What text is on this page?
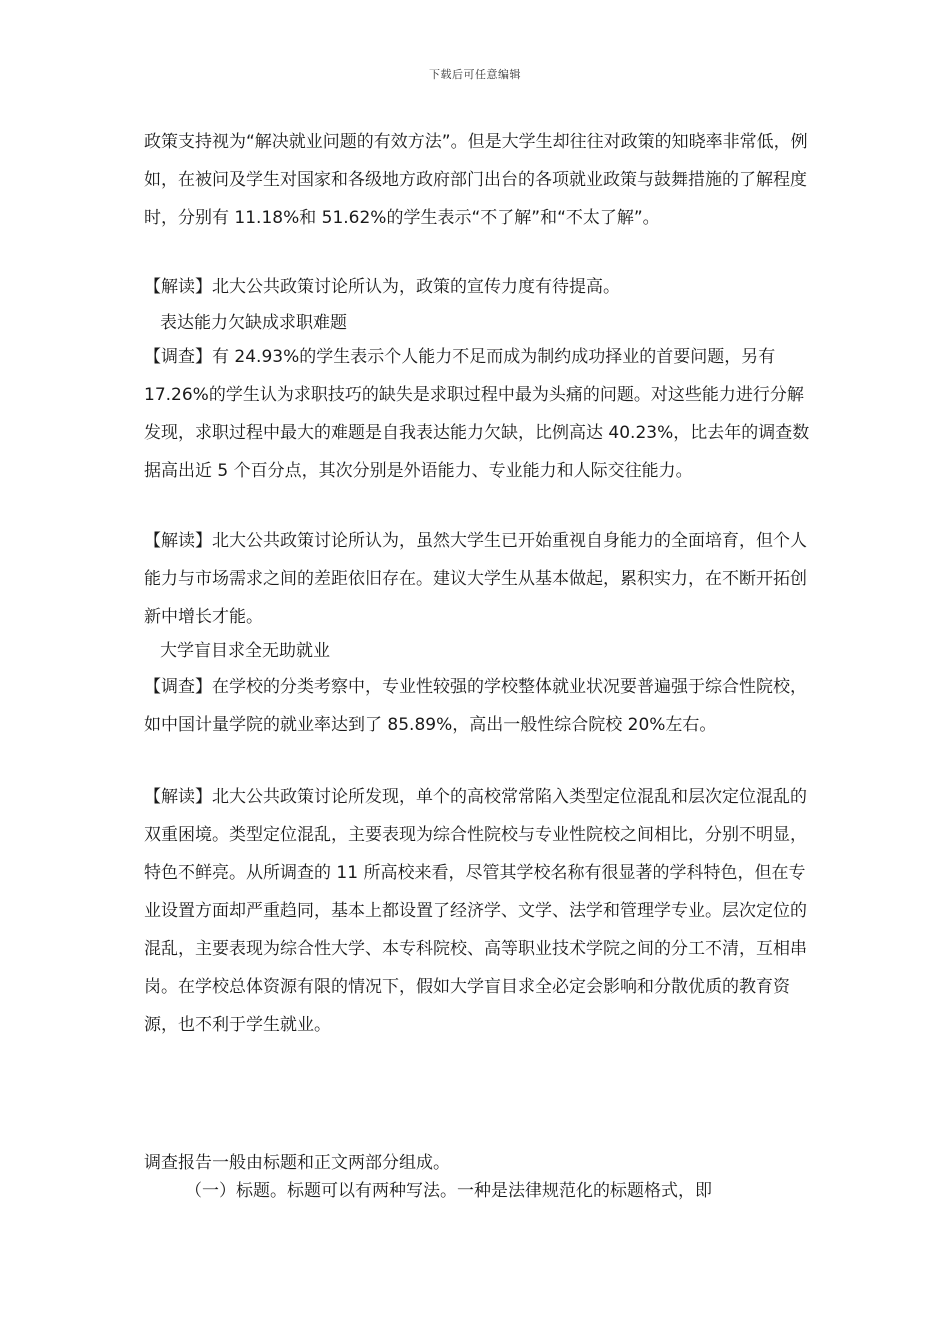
下载后可任意编辑

政策支持视为“解决就业问题的有效方法”。但是大学生却往往对政策的知晓率非常低，例如，在被问及学生对国家和各级地方政府部门出台的各项就业政策与鼓舞措施的了解程度时，分别有 11.18%和 51.62%的学生表示“不了解”和“不太了解”。

【解读】北大公共政策讨论所认为，政策的宣传力度有待提高。

表达能力欠缺成求职难题

【调查】有 24.93%的学生表示个人能力不足而成为制约成功择业的首要问题，另有 17.26%的学生认为求职技巧的缺失是求职过程中最为头痛的问题。对这些能力进行分解发现，求职过程中最大的难题是自我表达能力欠缺，比例高达 40.23%，比去年的调查数据高出近 5 个百分点，其次分别是外语能力、专业能力和人际交往能力。

【解读】北大公共政策讨论所认为，虽然大学生已开始重视自身能力的全面培育，但个人能力与市场需求之间的差距依旧存在。建议大学生从基本做起，累积实力，在不断开拓创新中增长才能。

大学盲目求全无助就业

【调查】在学校的分类考察中，专业性较强的学校整体就业状况要普遍强于综合性院校，如中国计量学院的就业率达到了 85.89%，高出一般性综合院校 20%左右。

【解读】北大公共政策讨论所发现，单个的高校常常陷入类型定位混乱和层次定位混乱的双重困境。类型定位混乱，主要表现为综合性院校与专业性院校之间相比，分别不明显，特色不鲜亮。从所调查的 11 所高校来看，尽管其学校名称有很显著的学科特色，但在专业设置方面却严重趋同，基本上都设置了经济学、文学、法学和管理学专业。层次定位的混乱，主要表现为综合性大学、本专科院校、高等职业技术学院之间的分工不清，互相串岗。在学校总体资源有限的情况下，假如大学盲目求全必定会影响和分散优质的教育资源，也不利于学生就业。

调查报告一般由标题和正文两部分组成。

（一）标题。标题可以有两种写法。一种是法律规范化的标题格式，即
